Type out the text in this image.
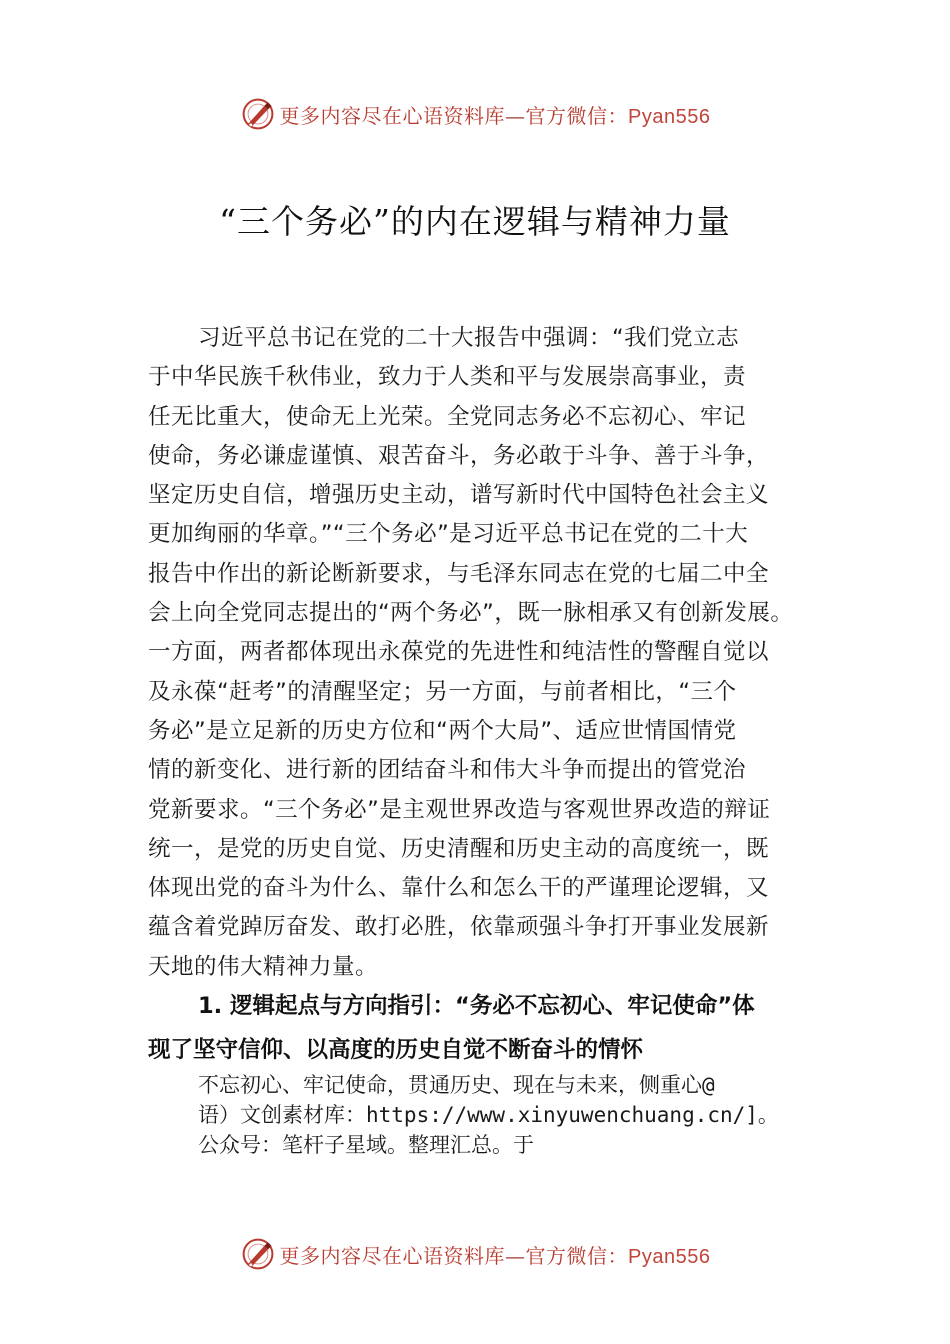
更多内容尽在心语资料库—官方微信：Pyan556
“三个务必”的内在逻辑与精神力量
习近平总书记在党的二十大报告中强调：“我们党立志
于中华民族千秋伟业，致力于人类和平与发展崇高事业，责
任无比重大，使命无上光荣。全党同志务必不忘初心、牢记
使命，务必谦虚谨慎、艰苦奋斗，务必敢于斗争、善于斗争，
坚定历史自信，增强历史主动，谱写新时代中国特色社会主义
更加绚丽的华章。”“三个务必”是习近平总书记在党的二十大
报告中作出的新论断新要求，与毛泽东同志在党的七届二中全
会上向全党同志提出的“两个务必”，既一脉相承又有创新发展。
一方面，两者都体现出永葆党的先进性和纯洁性的警醒自觉以
及永葆“赶考”的清醒坚定；另一方面，与前者相比，“三个
务必”是立足新的历史方位和“两个大局”、适应世情国情党
情的新变化、进行新的团结奋斗和伟大斗争而提出的管党治
党新要求。“三个务必”是主观世界改造与客观世界改造的辩证
统一，是党的历史自觉、历史清醒和历史主动的高度统一，既
体现出党的奋斗为什么、靠什么和怎么干的严谨理论逻辑，又
蕴含着党踔厉奋发、敢打必胜，依靠顽强斗争打开事业发展新
天地的伟大精神力量。
1. 逻辑起点与方向指引：“务必不忘初心、牢记使命”体
现了坚守信仰、以高度的历史自觉不断奋斗的情怀
不忘初心、牢记使命，贯通历史、现在与未来，侧重心@
语）文创素材库：https://www.xinyuwenchuang.cn/]。
公众号：笔杆子星域。整理汇总。于
更多内容尽在心语资料库—官方微信：Pyan556
